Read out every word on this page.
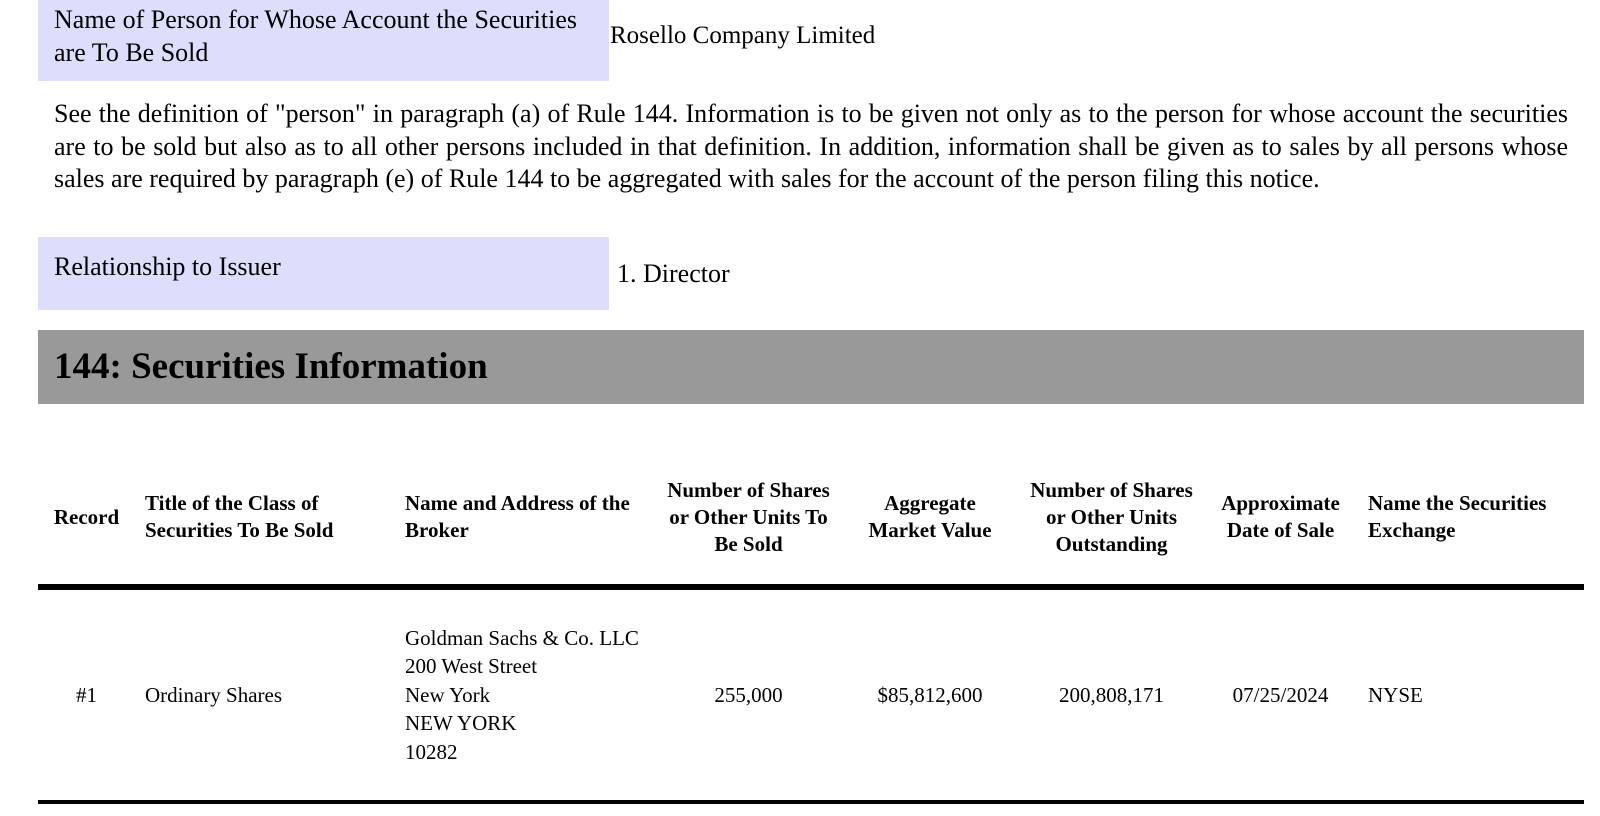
Name of Person for Whose Account the Securities are To Be Sold
Rosello Company Limited
See the definition of "person" in paragraph (a) of Rule 144. Information is to be given not only as to the person for whose account the securities are to be sold but also as to all other persons included in that definition. In addition, information shall be given as to sales by all persons whose sales are required by paragraph (e) of Rule 144 to be aggregated with sales for the account of the person filing this notice.
Relationship to Issuer	1. Director
144: Securities Information
Record	Title of the Class of Securities To Be Sold	Name and Address of the Broker	Number of Shares or Other Units To Be Sold	Aggregate Market Value	Number of Shares or Other Units Outstanding	Approximate Date of Sale	Name the Securities Exchange
#1	Ordinary Shares	Goldman Sachs & Co. LLC
200 West Street
New York
NEW YORK
10282	255,000	$85,812,600	200,808,171	07/25/2024	NYSE
